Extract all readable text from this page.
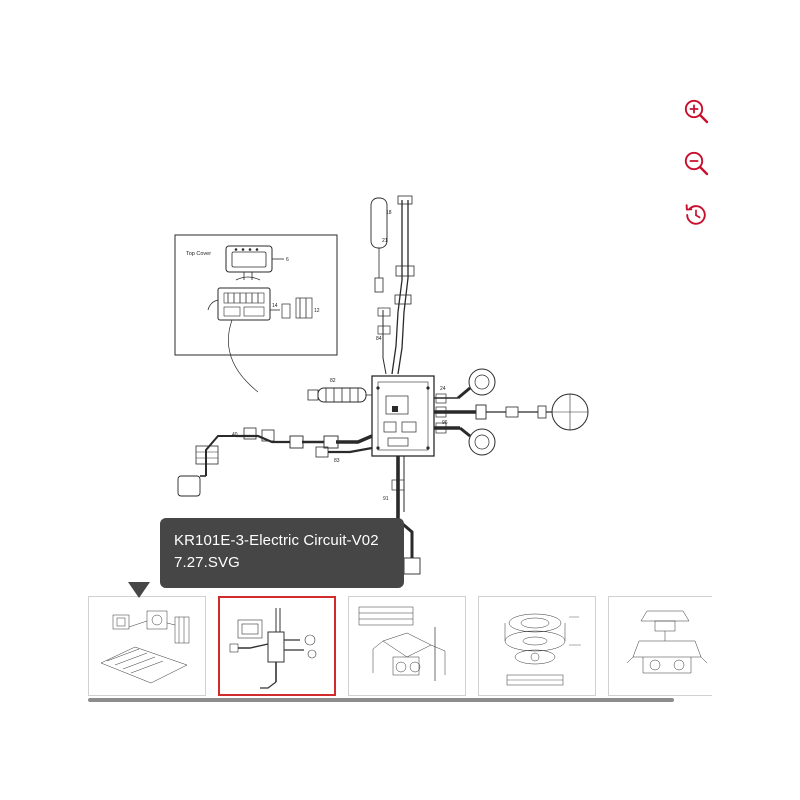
Top Cover
6
14
12
18
21
84
82
24
96
40
83
91
KR101E-3-Electric Circuit-V02
7.27.SVG
